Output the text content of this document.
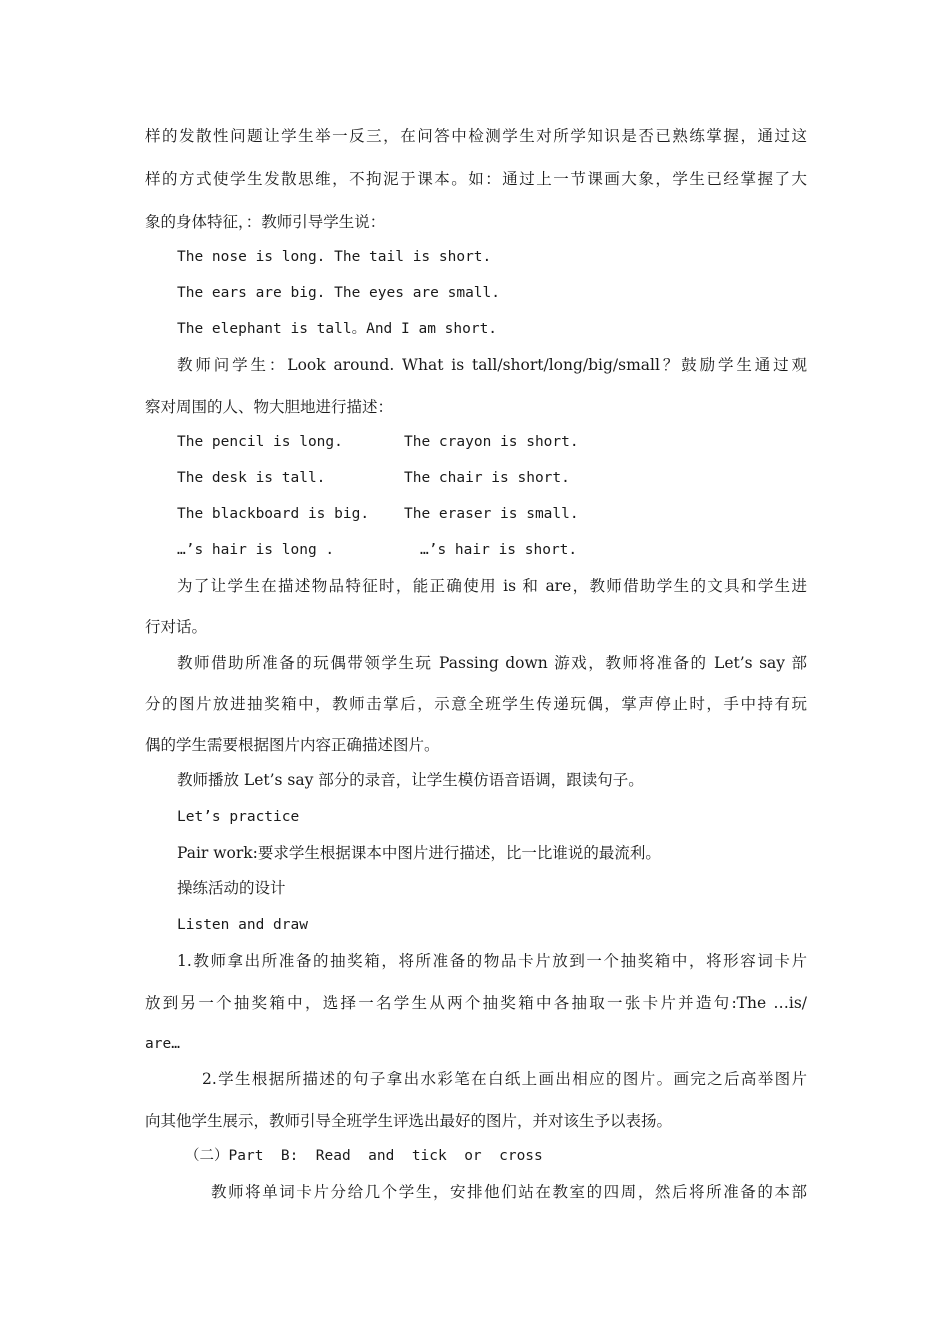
样的发散性问题让学生举一反三，在问答中检测学生对所学知识是否已熟练掌握，通过这
样的方式使学生发散思维，不拘泥于课本。如：通过上一节课画大象，学生已经掌握了大
象的身体特征，：教师引导学生说：
The nose is long. The tail is short.
The ears are big. The eyes are small.
The elephant is tall。And I am short.
教师问学生：Look around. What is tall/short/long/big/small？鼓励学生通过观
察对周围的人、物大胆地进行描述：
The pencil is long.	The crayon is short.
The desk is tall.	The chair is short.
The blackboard is big. The eraser is small.
…’s hair is long .	…’s hair is short.
为了让学生在描述物品特征时，能正确使用 is 和 are，教师借助学生的文具和学生进
行对话。
教师借助所准备的玩偶带领学生玩 Passing down 游戏，教师将准备的 Let’s say 部
分的图片放进抽奖箱中，教师击掌后，示意全班学生传递玩偶，掌声停止时，手中持有玩
偶的学生需要根据图片内容正确描述图片。
教师播放 Let’s say 部分的录音，让学生模仿语音语调，跟读句子。
Let’s practice
Pair work:要求学生根据课本中图片进行描述，比一比谁说的最流利。
操练活动的设计
Listen and draw
1.教师拿出所准备的抽奖箱，将所准备的物品卡片放到一个抽奖箱中，将形容词卡片
放到另一个抽奖箱中，选择一名学生从两个抽奖箱中各抽取一张卡片并造句:The …is/
are…
2.学生根据所描述的句子拿出水彩笔在白纸上画出相应的图片。画完之后高举图片
向其他学生展示，教师引导全班学生评选出最好的图片，并对该生予以表扬。
（二）Part  B:  Read  and  tick  or  cross
教师将单词卡片分给几个学生，安排他们站在教室的四周，然后将所准备的本部
